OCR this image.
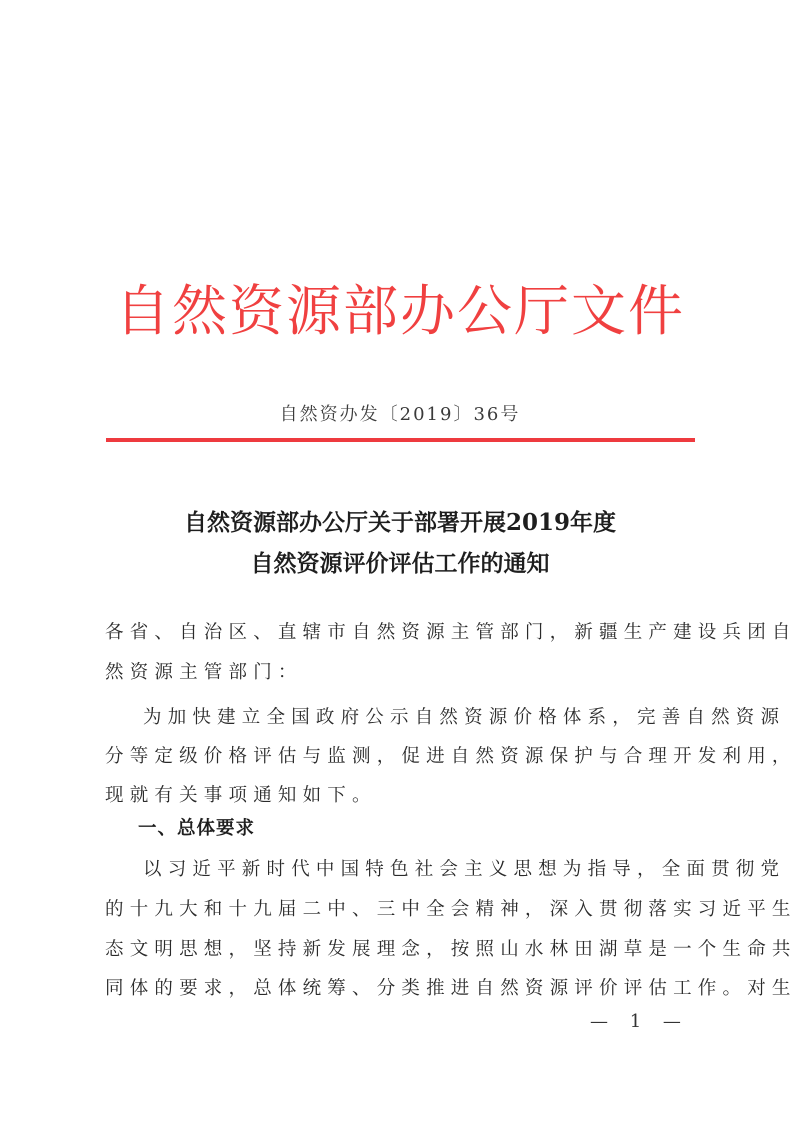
自然资源部办公厅文件
自然资办发〔2019〕36号
自然资源部办公厅关于部署开展2019年度
自然资源评价评估工作的通知
各省、自治区、直辖市自然资源主管部门，新疆生产建设兵团自
然资源主管部门：
为加快建立全国政府公示自然资源价格体系，完善自然资源
分等定级价格评估与监测，促进自然资源保护与合理开发利用，
现就有关事项通知如下。
一、总体要求
以习近平新时代中国特色社会主义思想为指导，全面贯彻党
的十九大和十九届二中、三中全会精神，深入贯彻落实习近平生
态文明思想，坚持新发展理念，按照山水林田湖草是一个生命共
同体的要求，总体统筹、分类推进自然资源评价评估工作。对生
— 1 —
